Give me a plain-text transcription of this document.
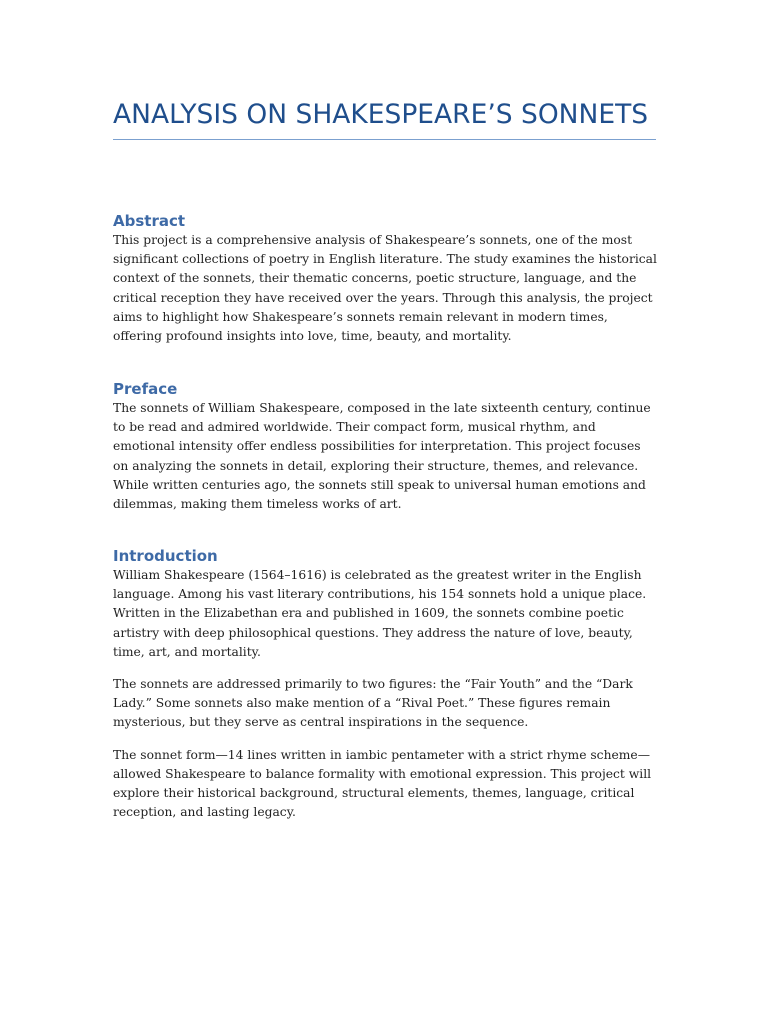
ANALYSIS ON SHAKESPEARE’S SONNETS
Abstract

This project is a comprehensive analysis of Shakespeare’s sonnets, one of the most significant collections of poetry in English literature. The study examines the historical context of the sonnets, their thematic concerns, poetic structure, language, and the critical reception they have received over the years. Through this analysis, the project aims to highlight how Shakespeare’s sonnets remain relevant in modern times, offering profound insights into love, time, beauty, and mortality.

Preface

The sonnets of William Shakespeare, composed in the late sixteenth century, continue to be read and admired worldwide. Their compact form, musical rhythm, and emotional intensity offer endless possibilities for interpretation. This project focuses on analyzing the sonnets in detail, exploring their structure, themes, and relevance. While written centuries ago, the sonnets still speak to universal human emotions and dilemmas, making them timeless works of art.

Introduction

William Shakespeare (1564–1616) is celebrated as the greatest writer in the English language. Among his vast literary contributions, his 154 sonnets hold a unique place. Written in the Elizabethan era and published in 1609, the sonnets combine poetic artistry with deep philosophical questions. They address the nature of love, beauty, time, art, and mortality.

The sonnets are addressed primarily to two figures: the “Fair Youth” and the “Dark Lady.” Some sonnets also make mention of a “Rival Poet.” These figures remain mysterious, but they serve as central inspirations in the sequence.

The sonnet form—14 lines written in iambic pentameter with a strict rhyme scheme—allowed Shakespeare to balance formality with emotional expression. This project will explore their historical background, structural elements, themes, language, critical reception, and lasting legacy.
